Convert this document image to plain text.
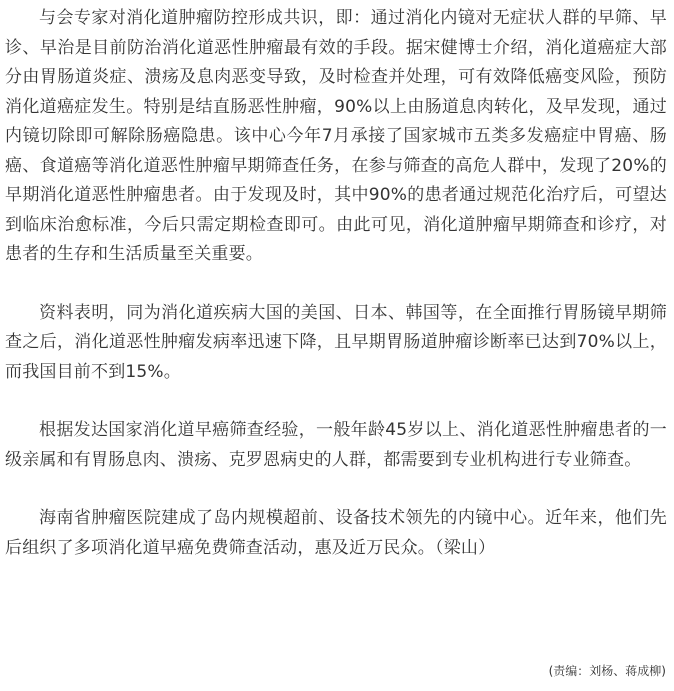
与会专家对消化道肿瘤防控形成共识，即：通过消化内镜对无症状人群的早筛、早诊、早治是目前防治消化道恶性肿瘤最有效的手段。据宋健博士介绍，消化道癌症大部分由胃肠道炎症、溃疡及息肉恶变导致，及时检查并处理，可有效降低癌变风险，预防消化道癌症发生。特别是结直肠恶性肿瘤，90%以上由肠道息肉转化，及早发现，通过内镜切除即可解除肠癌隐患。该中心今年7月承接了国家城市五类多发癌症中胃癌、肠癌、食道癌等消化道恶性肿瘤早期筛查任务，在参与筛查的高危人群中，发现了20%的早期消化道恶性肿瘤患者。由于发现及时，其中90%的患者通过规范化治疗后，可望达到临床治愈标准，今后只需定期检查即可。由此可见，消化道肿瘤早期筛查和诊疗，对患者的生存和生活质量至关重要。

资料表明，同为消化道疾病大国的美国、日本、韩国等，在全面推行胃肠镜早期筛查之后，消化道恶性肿瘤发病率迅速下降，且早期胃肠道肿瘤诊断率已达到70%以上，而我国目前不到15%。

根据发达国家消化道早癌筛查经验，一般年龄45岁以上、消化道恶性肿瘤患者的一级亲属和有胃肠息肉、溃疡、克罗恩病史的人群，都需要到专业机构进行专业筛查。

海南省肿瘤医院建成了岛内规模超前、设备技术领先的内镜中心。近年来，他们先后组织了多项消化道早癌免费筛查活动，惠及近万民众。（梁山）

(责编：刘杨、蒋成柳)
